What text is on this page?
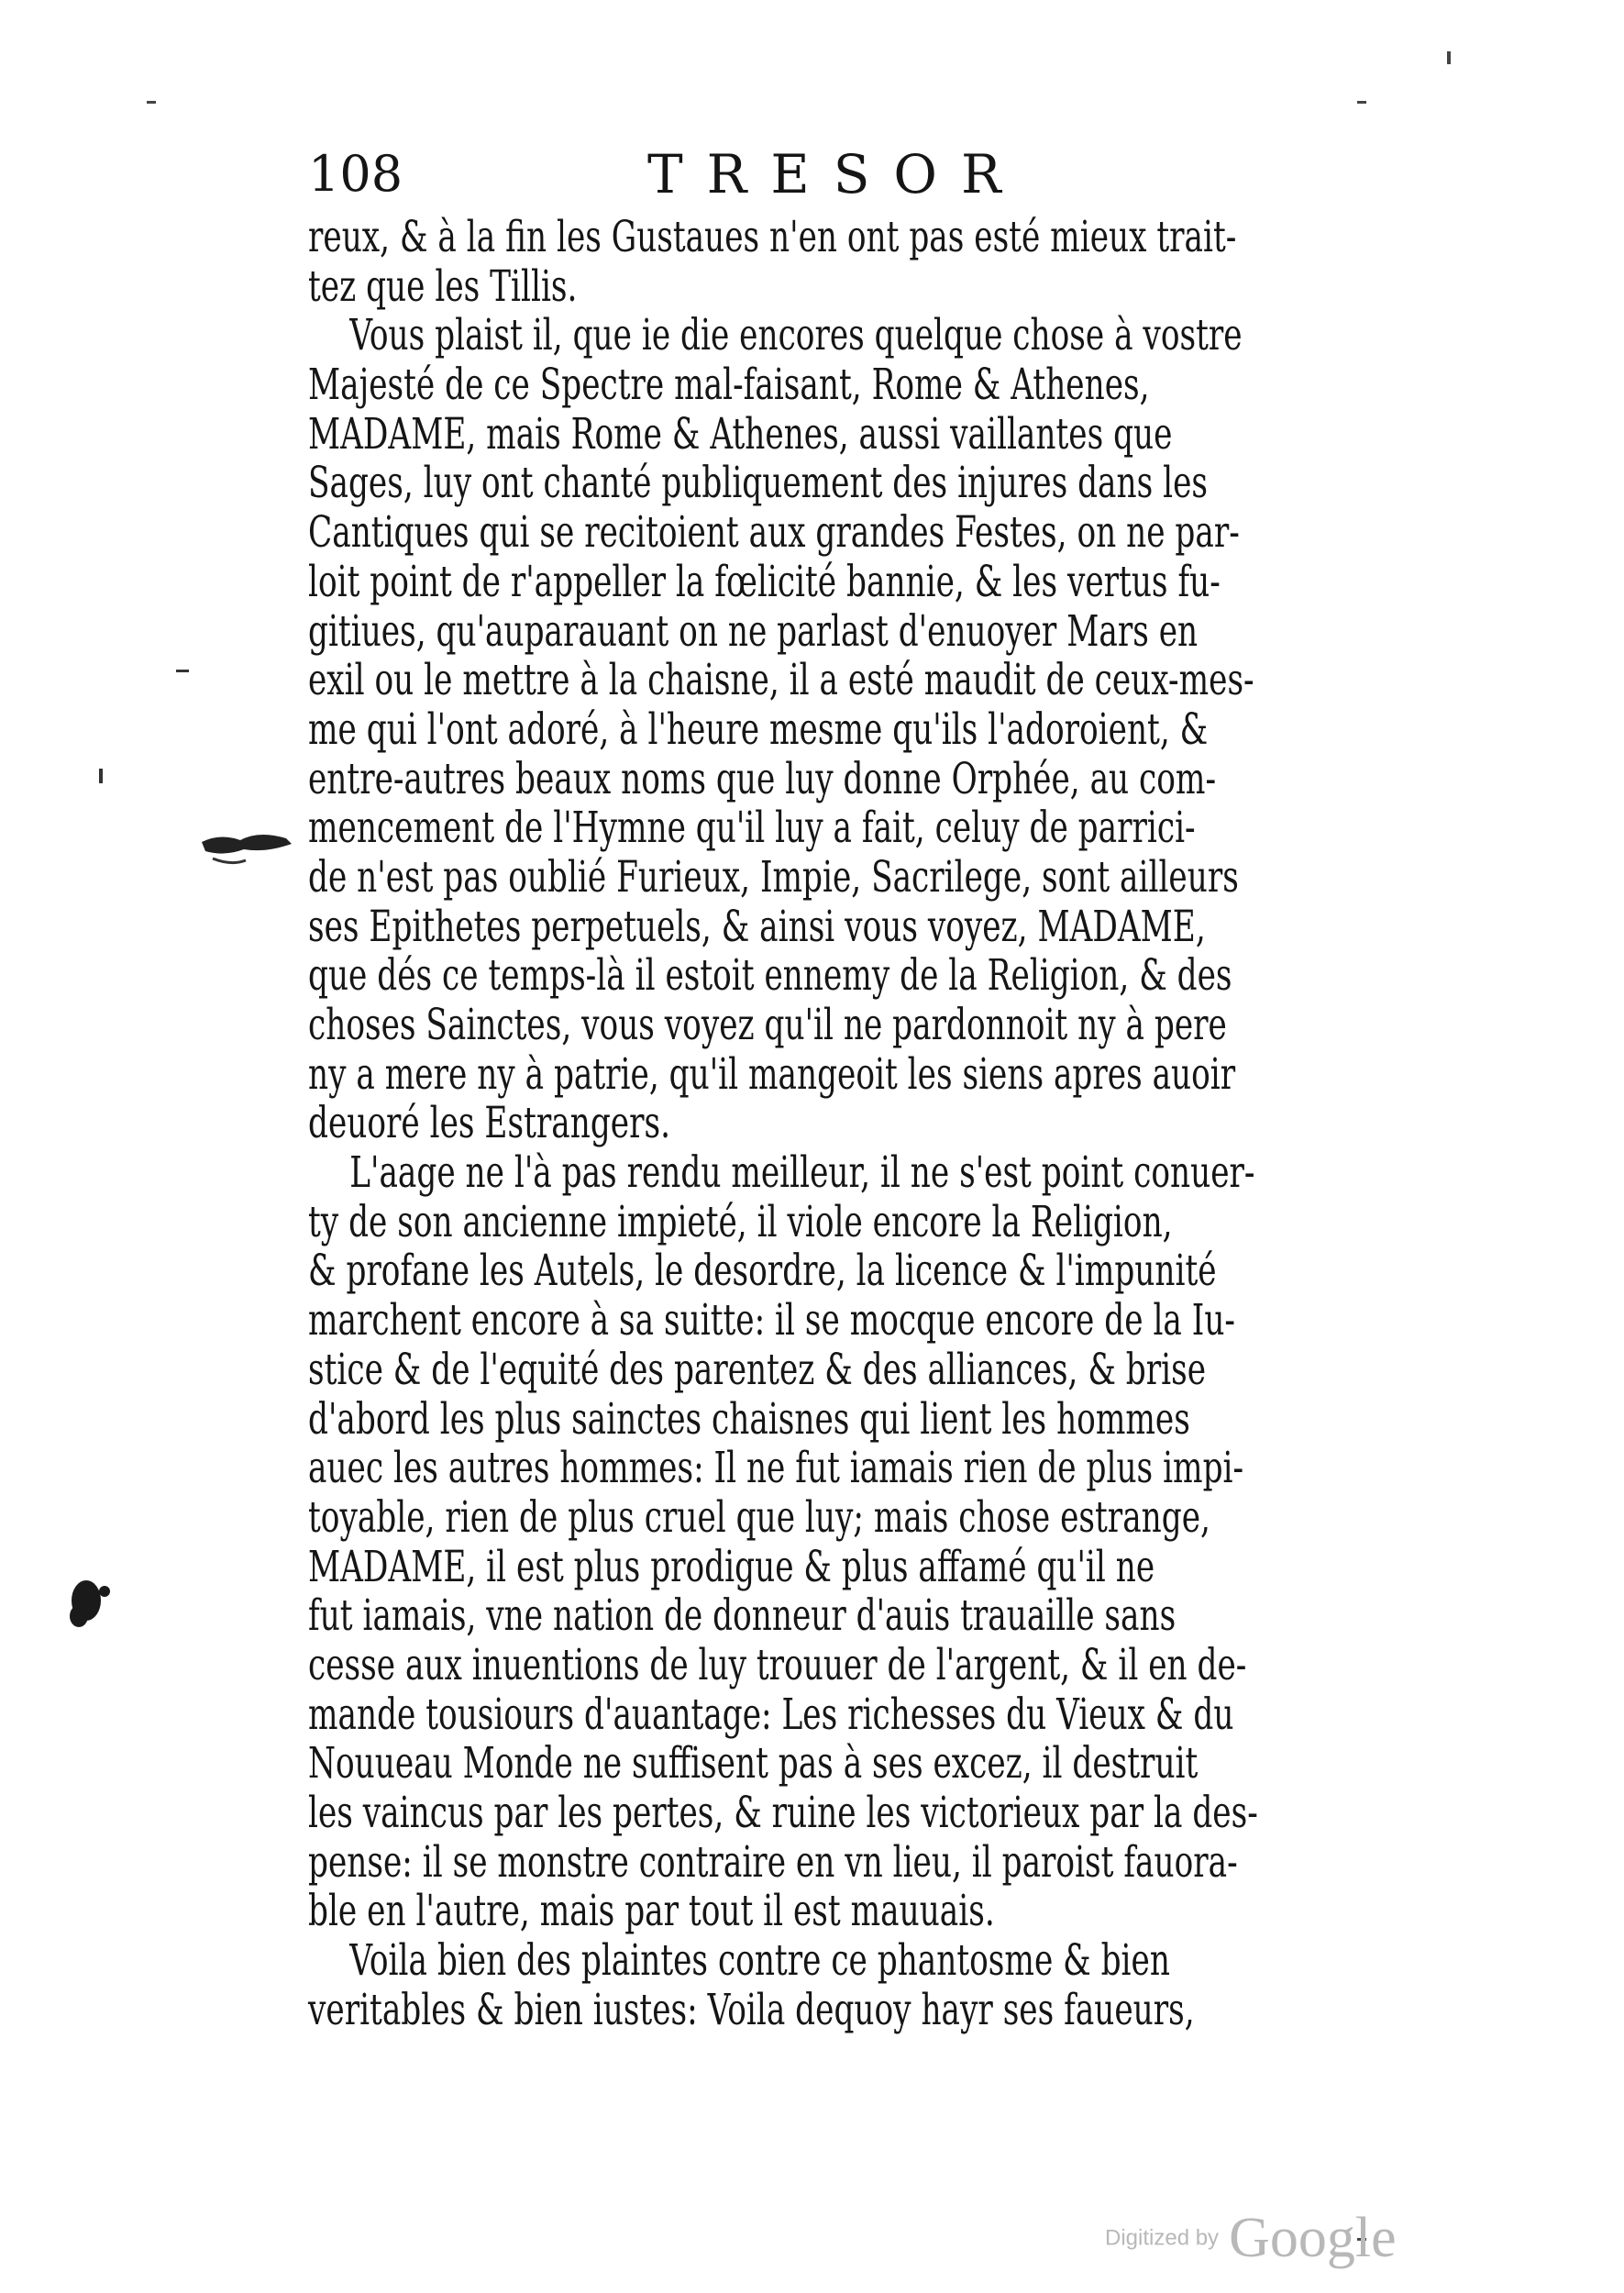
108	TRESOR
reux, & à la fin les Gustaues n'en ont pas esté mieux trait-
tez que les Tillis.
Vous plaist il, que ie die encores quelque chose à vostre
Majesté de ce Spectre mal-faisant, Rome & Athenes,
MADAME, mais Rome & Athenes, aussi vaillantes que
Sages, luy ont chanté publiquement des injures dans les
Cantiques qui se recitoient aux grandes Festes, on ne par-
loit point de r'appeller la fœlicité bannie, & les vertus fu-
gitiues, qu'auparauant on ne parlast d'enuoyer Mars en
exil ou le mettre à la chaisne, il a esté maudit de ceux-mes-
me qui l'ont adoré, à l'heure mesme qu'ils l'adoroient, &
entre-autres beaux noms que luy donne Orphée, au com-
mencement de l'Hymne qu'il luy a fait, celuy de parrici-
de n'est pas oublié Furieux, Impie, Sacrilege, sont ailleurs
ses Epithetes perpetuels, & ainsi vous voyez, MADAME,
que dés ce temps-là il estoit ennemy de la Religion, & des
choses Sainctes, vous voyez qu'il ne pardonnoit ny à pere
ny a mere ny à patrie, qu'il mangeoit les siens apres auoir
deuoré les Estrangers.
L'aage ne l'à pas rendu meilleur, il ne s'est point conuer-
ty de son ancienne impieté, il viole encore la Religion,
& profane les Autels, le desordre, la licence & l'impunité
marchent encore à sa suitte: il se mocque encore de la Iu-
stice & de l'equité des parentez & des alliances, & brise
d'abord les plus sainctes chaisnes qui lient les hommes
auec les autres hommes: Il ne fut iamais rien de plus impi-
toyable, rien de plus cruel que luy; mais chose estrange,
MADAME, il est plus prodigue & plus affamé qu'il ne
fut iamais, vne nation de donneur d'auis trauaille sans
cesse aux inuentions de luy trouuer de l'argent, & il en de-
mande tousiours d'auantage: Les richesses du Vieux & du
Nouueau Monde ne suffisent pas à ses excez, il destruit
les vaincus par les pertes, & ruine les victorieux par la des-
pense: il se monstre contraire en vn lieu, il paroist fauora-
ble en l'autre, mais par tout il est mauuais.
Voila bien des plaintes contre ce phantosme & bien
veritables & bien iustes: Voila dequoy hayr ses faueurs,
Digitized by Google
